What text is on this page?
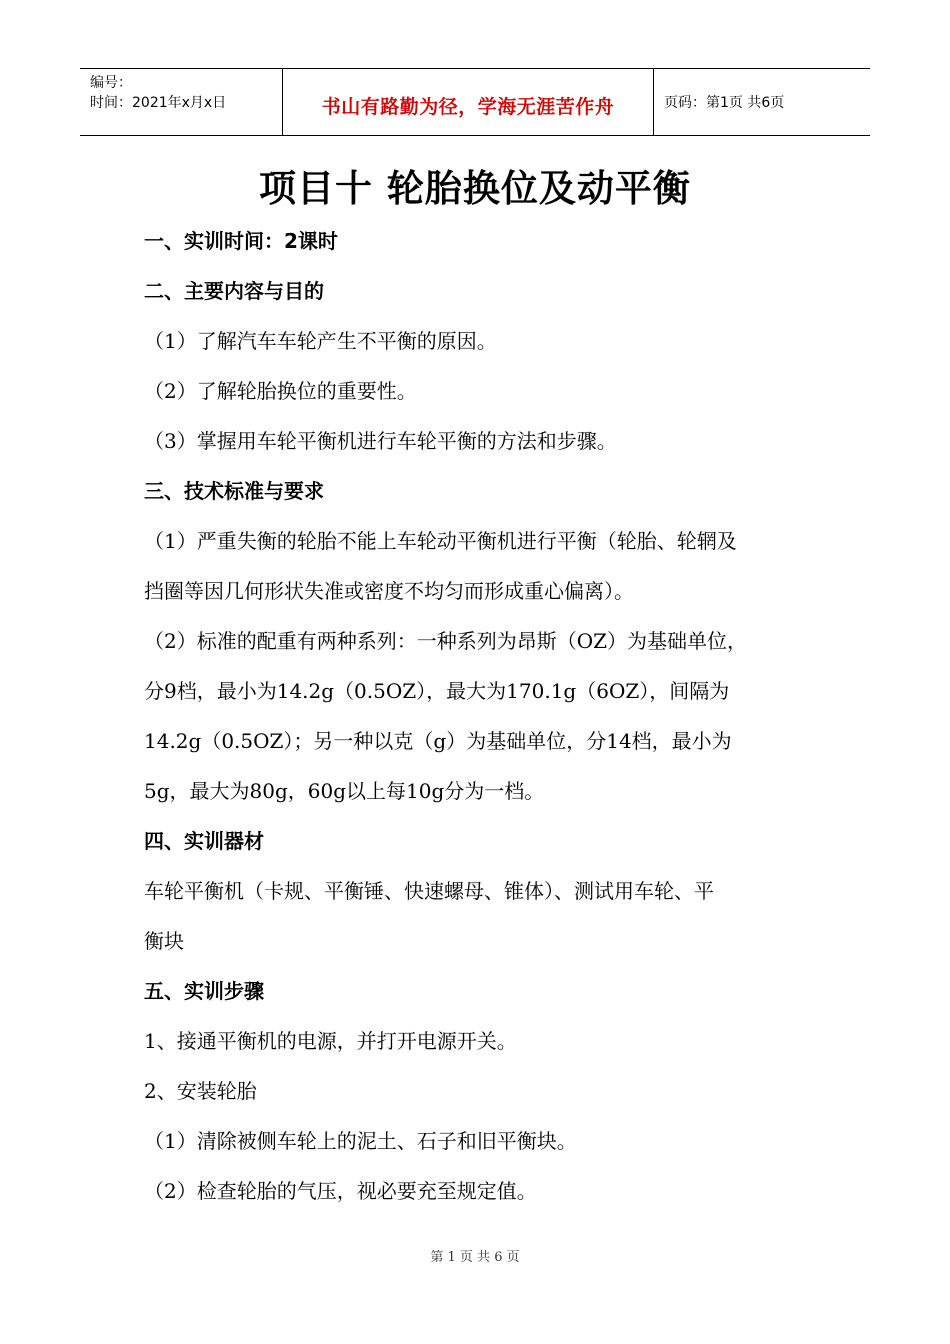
编号：
时间：2021年x月x日	书山有路勤为径，学海无涯苦作舟	页码：第1页 共6页
项目十 轮胎换位及动平衡
一、实训时间：2课时
二、主要内容与目的
（1）了解汽车车轮产生不平衡的原因。
（2）了解轮胎换位的重要性。
（3）掌握用车轮平衡机进行车轮平衡的方法和步骤。
三、技术标准与要求
（1）严重失衡的轮胎不能上车轮动平衡机进行平衡（轮胎、轮辋及
挡圈等因几何形状失准或密度不均匀而形成重心偏离）。
（2）标准的配重有两种系列：一种系列为昂斯（OZ）为基础单位，
分9档，最小为14.2g（0.5OZ），最大为170.1g（6OZ），间隔为
14.2g（0.5OZ）；另一种以克（g）为基础单位，分14档，最小为
5g，最大为80g，60g以上每10g分为一档。
四、实训器材
车轮平衡机（卡规、平衡锤、快速螺母、锥体）、测试用车轮、平
衡块
五、实训步骤
1、接通平衡机的电源，并打开电源开关。
2、安装轮胎
（1）清除被侧车轮上的泥土、石子和旧平衡块。
（2）检查轮胎的气压，视必要充至规定值。
第 1 页 共 6 页
